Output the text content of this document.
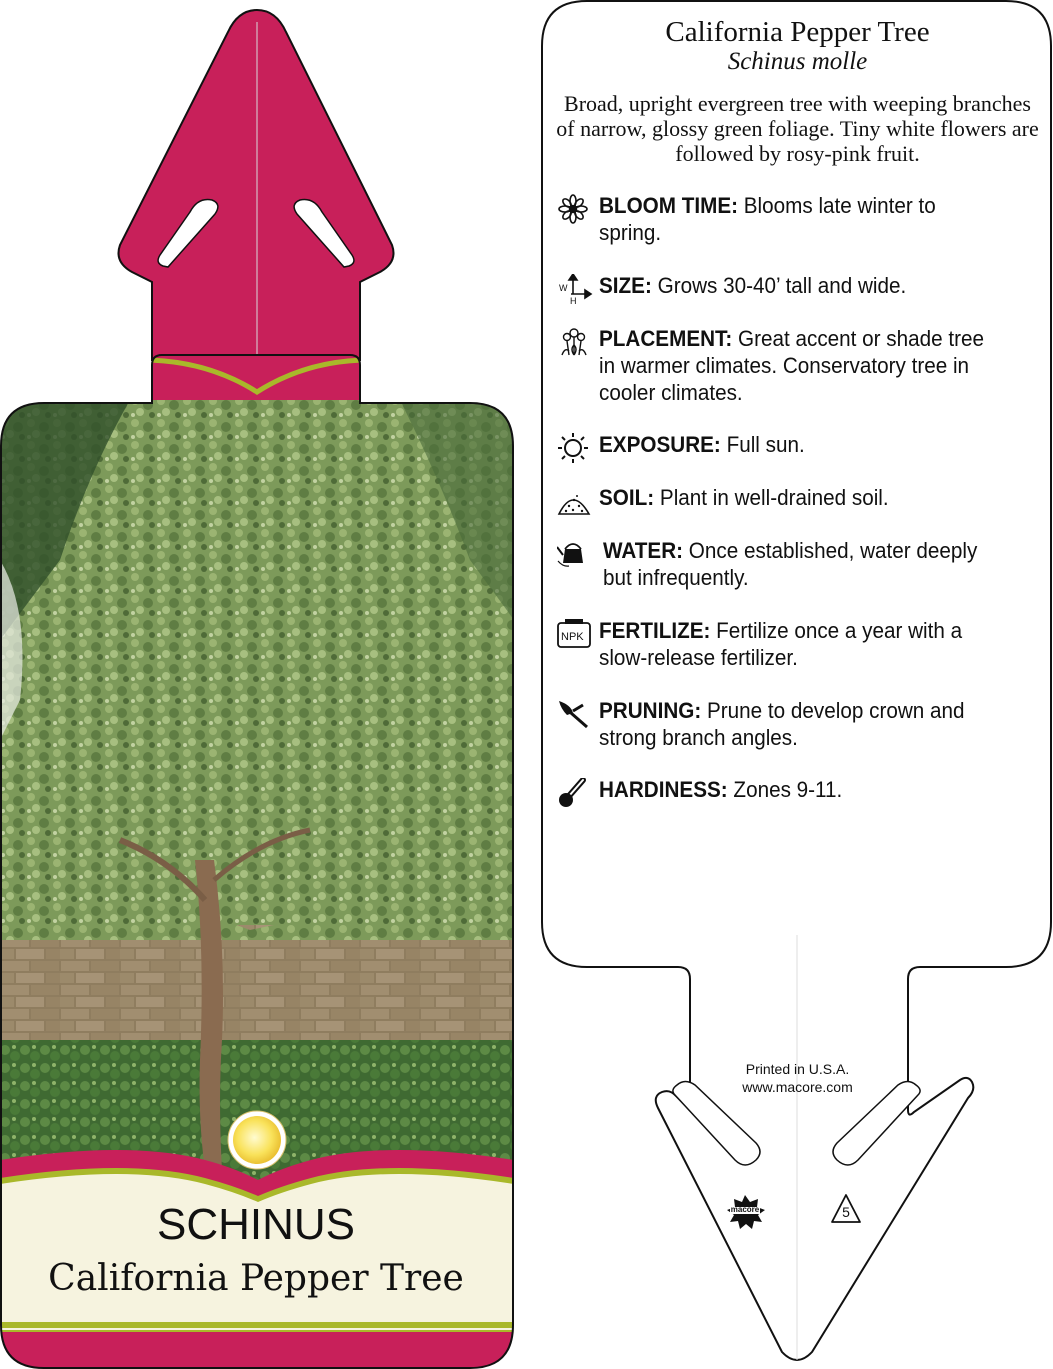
macore	5
SCHINUS
California Pepper Tree
California Pepper Tree
Schinus molle
Broad, upright evergreen tree with weeping branches of narrow, glossy green foliage. Tiny white flowers are followed by rosy-pink fruit.
BLOOM TIME: Blooms late winter to spring.
W
H
SIZE: Grows 30-40’ tall and wide.
PLACEMENT: Great accent or shade tree in warmer climates. Conservatory tree in cooler climates.
EXPOSURE: Full sun.
SOIL: Plant in well-drained soil.
WATER: Once established, water deeply but infrequently.
NPK FERTILIZE: Fertilize once a year with a slow-release fertilizer.
PRUNING: Prune to develop crown and strong branch angles.
HARDINESS: Zones 9-11.
Printed in U.S.A.
www.macore.com
